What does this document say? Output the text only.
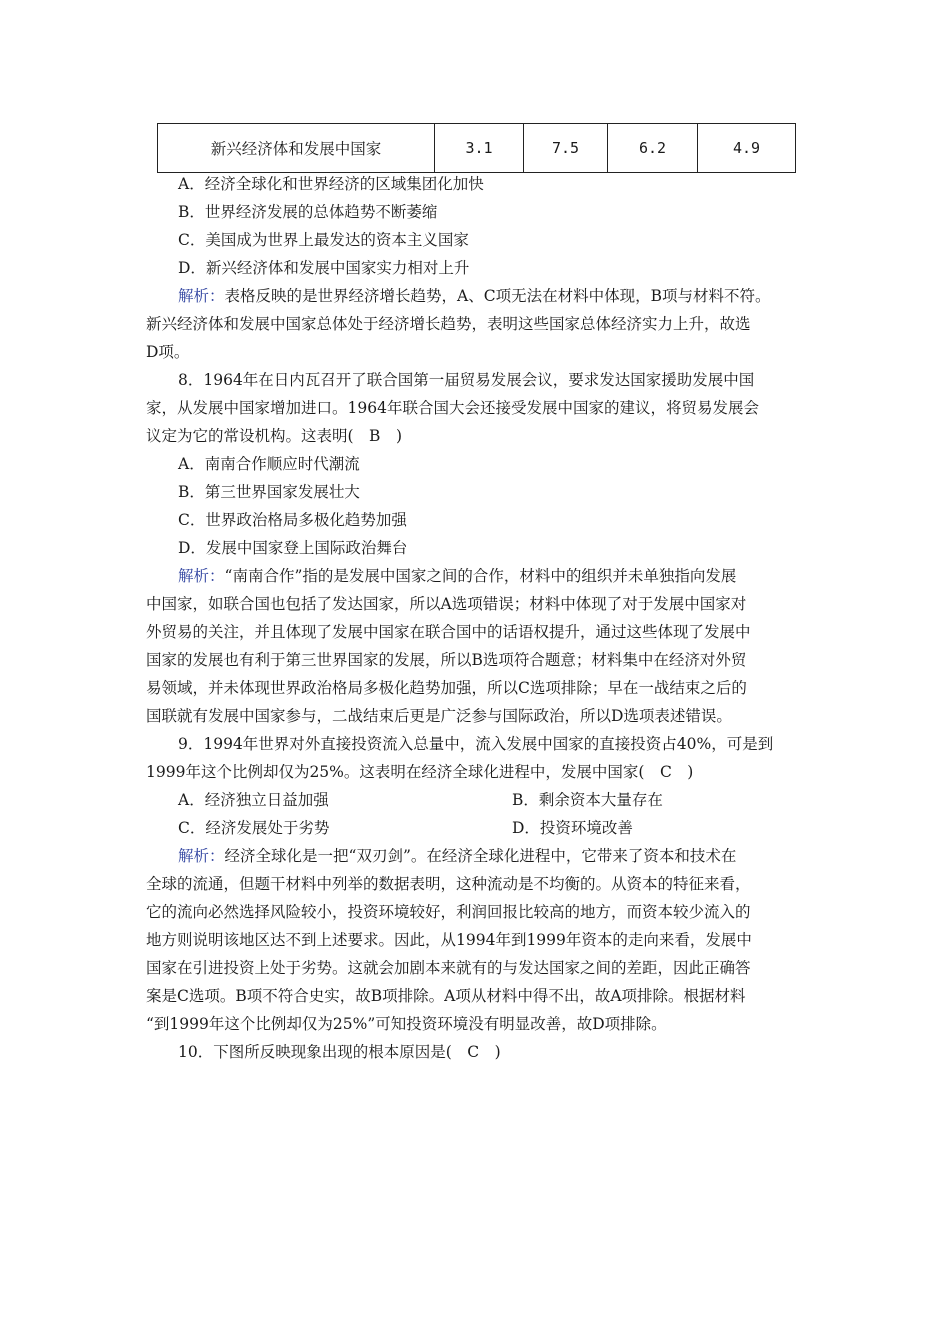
新兴经济体和发展中国家	3.1	7.5	6.2	4.9
A．经济全球化和世界经济的区域集团化加快
B．世界经济发展的总体趋势不断萎缩
C．美国成为世界上最发达的资本主义国家
D．新兴经济体和发展中国家实力相对上升
解析：表格反映的是世界经济增长趋势，A、C项无法在材料中体现，B项与材料不符。
新兴经济体和发展中国家总体处于经济增长趋势，表明这些国家总体经济实力上升，故选
D项。
8．1964年在日内瓦召开了联合国第一届贸易发展会议，要求发达国家援助发展中国
家，从发展中国家增加进口。1964年联合国大会还接受发展中国家的建议，将贸易发展会
议定为它的常设机构。这表明(　B　)
A．南南合作顺应时代潮流
B．第三世界国家发展壮大
C．世界政治格局多极化趋势加强
D．发展中国家登上国际政治舞台
解析：“南南合作”指的是发展中国家之间的合作，材料中的组织并未单独指向发展
中国家，如联合国也包括了发达国家，所以A选项错误；材料中体现了对于发展中国家对
外贸易的关注，并且体现了发展中国家在联合国中的话语权提升，通过这些体现了发展中
国家的发展也有利于第三世界国家的发展，所以B选项符合题意；材料集中在经济对外贸
易领域，并未体现世界政治格局多极化趋势加强，所以C选项排除；早在一战结束之后的
国联就有发展中国家参与，二战结束后更是广泛参与国际政治，所以D选项表述错误。
9．1994年世界对外直接投资流入总量中，流入发展中国家的直接投资占40%，可是到
1999年这个比例却仅为25%。这表明在经济全球化进程中，发展中国家(　C　)
A．经济独立日益加强	B．剩余资本大量存在
C．经济发展处于劣势	D．投资环境改善
解析：经济全球化是一把“双刃剑”。在经济全球化进程中，它带来了资本和技术在
全球的流通，但题干材料中列举的数据表明，这种流动是不均衡的。从资本的特征来看，
它的流向必然选择风险较小，投资环境较好，利润回报比较高的地方，而资本较少流入的
地方则说明该地区达不到上述要求。因此，从1994年到1999年资本的走向来看，发展中
国家在引进投资上处于劣势。这就会加剧本来就有的与发达国家之间的差距，因此正确答
案是C选项。B项不符合史实，故B项排除。A项从材料中得不出，故A项排除。根据材料
“到1999年这个比例却仅为25%”可知投资环境没有明显改善，故D项排除。
10．下图所反映现象出现的根本原因是(　C　)
